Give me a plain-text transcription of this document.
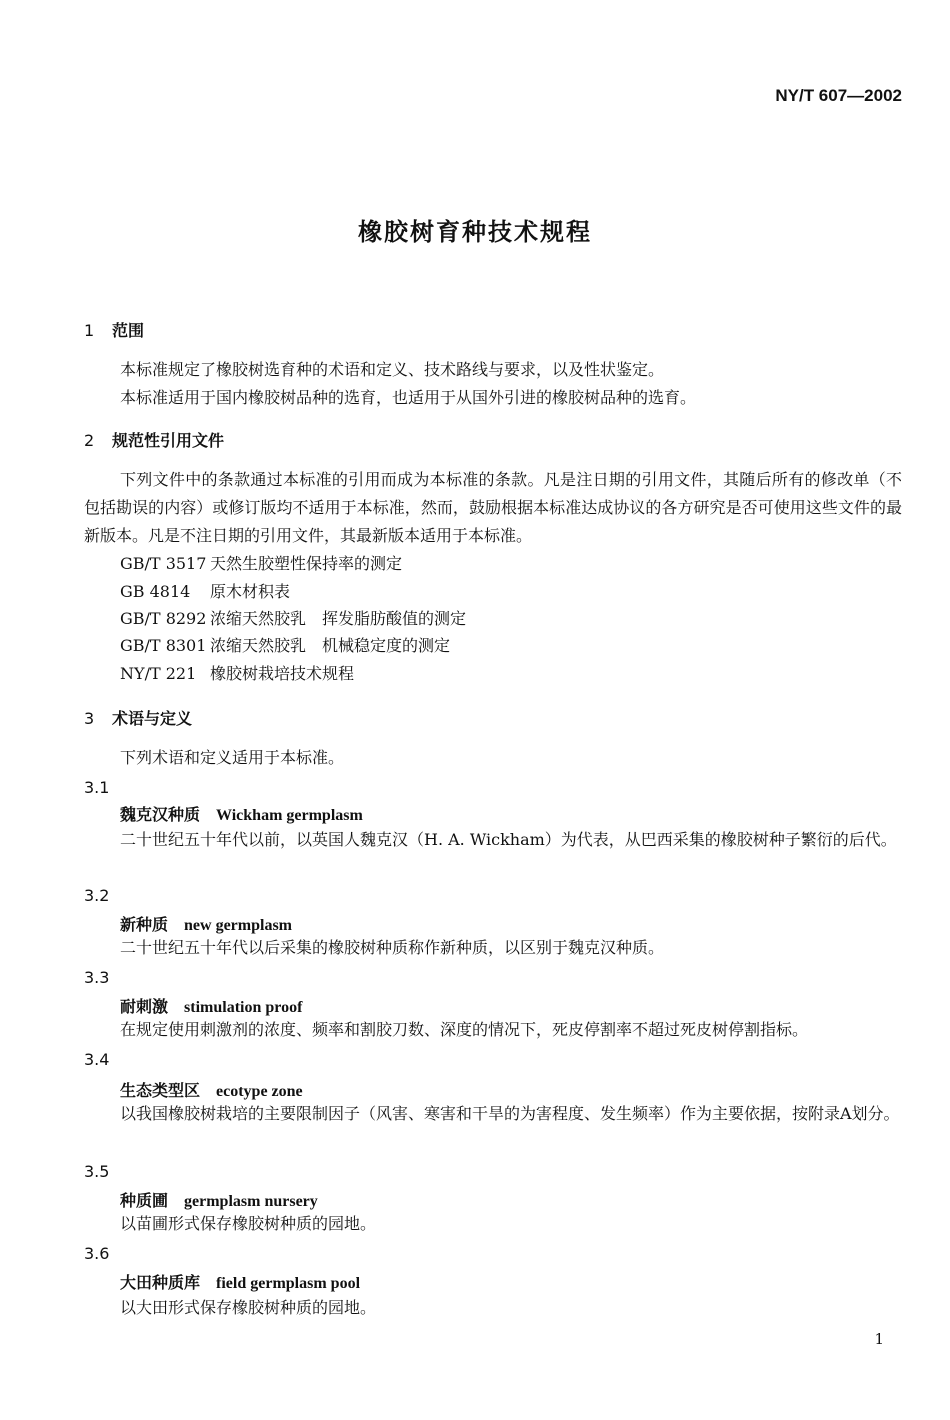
NY/T 607—2002
橡胶树育种技术规程
1 范围
本标准规定了橡胶树选育种的术语和定义、技术路线与要求，以及性状鉴定。
本标准适用于国内橡胶树品种的选育，也适用于从国外引进的橡胶树品种的选育。
2 规范性引用文件
下列文件中的条款通过本标准的引用而成为本标准的条款。凡是注日期的引用文件，其随后所有的修改单（不包括勘误的内容）或修订版均不适用于本标准，然而，鼓励根据本标准达成协议的各方研究是否可使用这些文件的最新版本。凡是不注日期的引用文件，其最新版本适用于本标准。
GB/T 3517 天然生胶塑性保持率的测定
GB 4814 原木材积表
GB/T 8292 浓缩天然胶乳　挥发脂肪酸值的测定
GB/T 8301 浓缩天然胶乳　机械稳定度的测定
NY/T 221 橡胶树栽培技术规程
3 术语与定义
下列术语和定义适用于本标准。
3.1
魏克汉种质 Wickham germplasm
二十世纪五十年代以前，以英国人魏克汉（H. A. Wickham）为代表，从巴西采集的橡胶树种子繁衍的后代。
3.2
新种质 new germplasm
二十世纪五十年代以后采集的橡胶树种质称作新种质，以区别于魏克汉种质。
3.3
耐刺激 stimulation proof
在规定使用刺激剂的浓度、频率和割胶刀数、深度的情况下，死皮停割率不超过死皮树停割指标。
3.4
生态类型区 ecotype zone
以我国橡胶树栽培的主要限制因子（风害、寒害和干旱的为害程度、发生频率）作为主要依据，按附录A划分。
3.5
种质圃 germplasm nursery
以苗圃形式保存橡胶树种质的园地。
3.6
大田种质库 field germplasm pool
以大田形式保存橡胶树种质的园地。
1
